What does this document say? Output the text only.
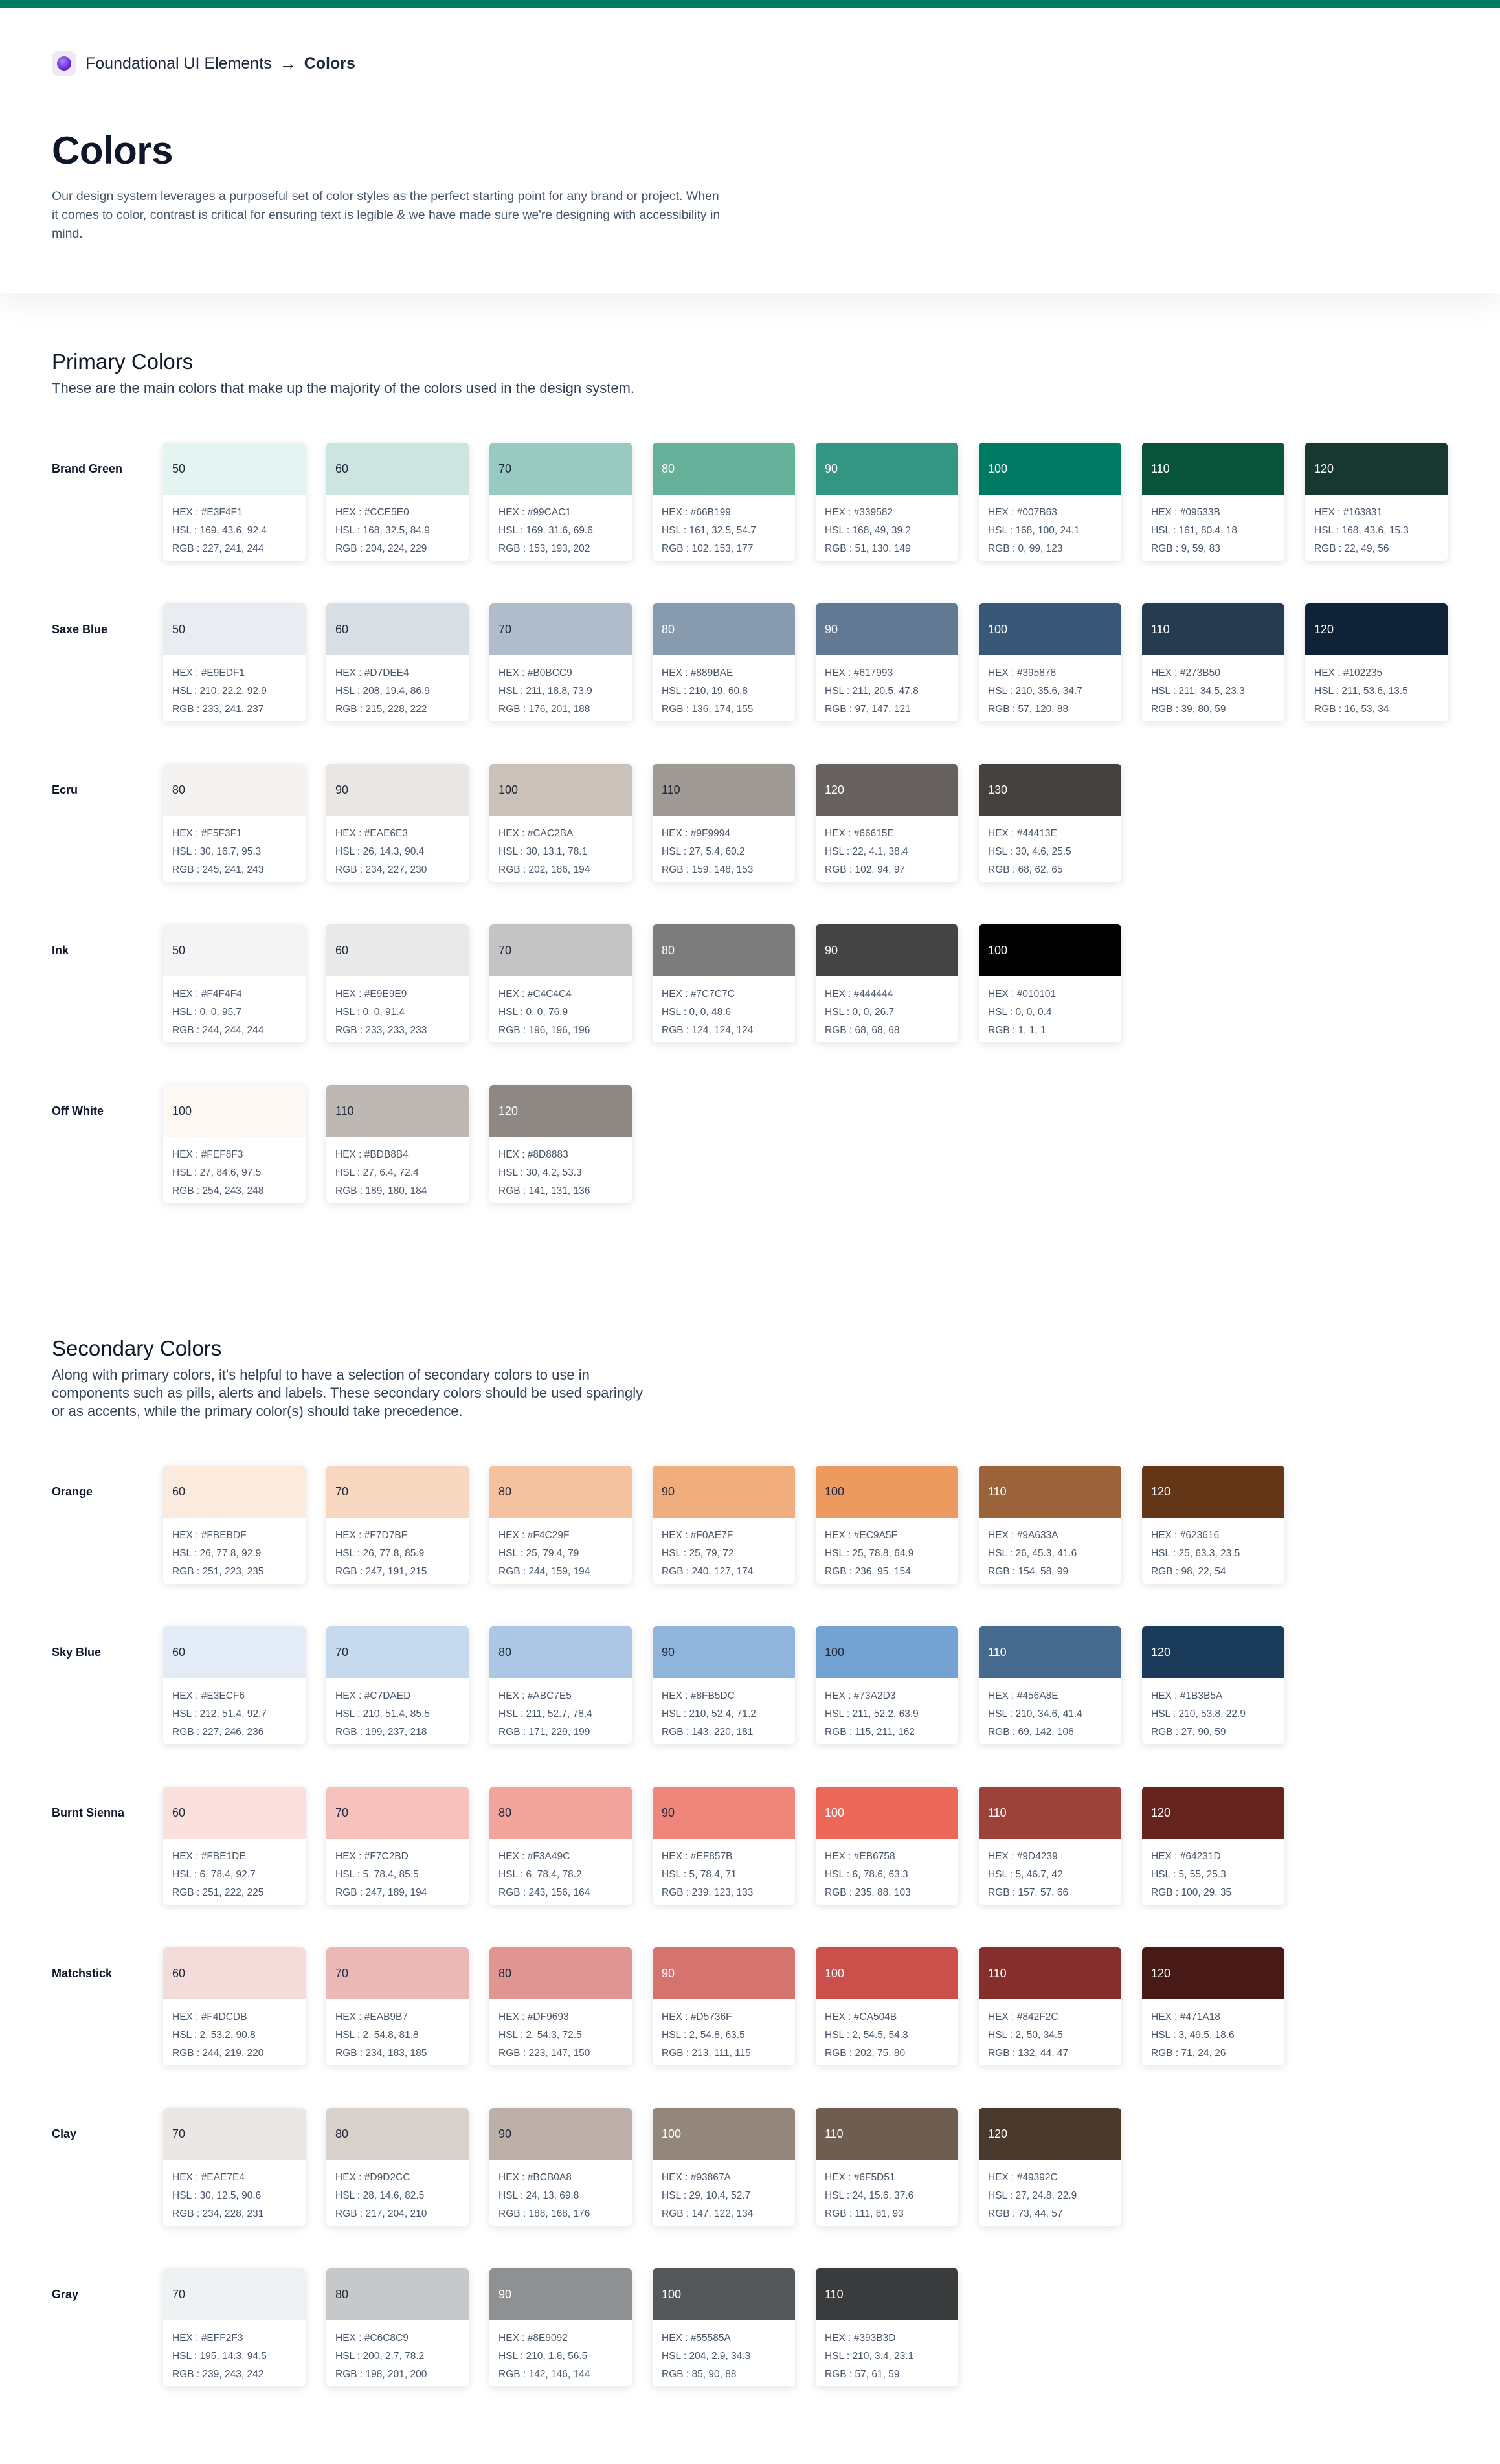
Foundational UI Elements → Colors
Colors

Our design system leverages a purposeful set of color styles as the perfect starting point for any brand or project. When it comes to color, contrast is critical for ensuring text is legible & we have made sure we're designing with accessibility in mind.

Primary Colors

These are the main colors that make up the majority of the colors used in the design system.

Brand Green	50
HEX : #E3F4F1
HSL : 169, 43.6, 92.4
RGB : 227, 241, 244
60
HEX : #CCE5E0
HSL : 168, 32.5, 84.9
RGB : 204, 224, 229
70
HEX : #99CAC1
HSL : 169, 31.6, 69.6
RGB : 153, 193, 202
80
HEX : #66B199
HSL : 161, 32.5, 54.7
RGB : 102, 153, 177
90
HEX : #339582
HSL : 168, 49, 39.2
RGB : 51, 130, 149
100
HEX : #007B63
HSL : 168, 100, 24.1
RGB : 0, 99, 123
110
HEX : #09533B
HSL : 161, 80.4, 18
RGB : 9, 59, 83
120
HEX : #163831
HSL : 168, 43.6, 15.3
RGB : 22, 49, 56
Saxe Blue	50
HEX : #E9EDF1
HSL : 210, 22.2, 92.9
RGB : 233, 241, 237
60
HEX : #D7DEE4
HSL : 208, 19.4, 86.9
RGB : 215, 228, 222
70
HEX : #B0BCC9
HSL : 211, 18.8, 73.9
RGB : 176, 201, 188
80
HEX : #889BAE
HSL : 210, 19, 60.8
RGB : 136, 174, 155
90
HEX : #617993
HSL : 211, 20.5, 47.8
RGB : 97, 147, 121
100
HEX : #395878
HSL : 210, 35.6, 34.7
RGB : 57, 120, 88
110
HEX : #273B50
HSL : 211, 34.5, 23.3
RGB : 39, 80, 59
120
HEX : #102235
HSL : 211, 53.6, 13.5
RGB : 16, 53, 34
Ecru	80
HEX : #F5F3F1
HSL : 30, 16.7, 95.3
RGB : 245, 241, 243
90
HEX : #EAE6E3
HSL : 26, 14.3, 90.4
RGB : 234, 227, 230
100
HEX : #CAC2BA
HSL : 30, 13.1, 78.1
RGB : 202, 186, 194
110
HEX : #9F9994
HSL : 27, 5.4, 60.2
RGB : 159, 148, 153
120
HEX : #66615E
HSL : 22, 4.1, 38.4
RGB : 102, 94, 97
130
HEX : #44413E
HSL : 30, 4.6, 25.5
RGB : 68, 62, 65
Ink	50
HEX : #F4F4F4
HSL : 0, 0, 95.7
RGB : 244, 244, 244
60
HEX : #E9E9E9
HSL : 0, 0, 91.4
RGB : 233, 233, 233
70
HEX : #C4C4C4
HSL : 0, 0, 76.9
RGB : 196, 196, 196
80
HEX : #7C7C7C
HSL : 0, 0, 48.6
RGB : 124, 124, 124
90
HEX : #444444
HSL : 0, 0, 26.7
RGB : 68, 68, 68
100
HEX : #010101
HSL : 0, 0, 0.4
RGB : 1, 1, 1
Off White	100
HEX : #FEF8F3
HSL : 27, 84.6, 97.5
RGB : 254, 243, 248
110
HEX : #BDB8B4
HSL : 27, 6.4, 72.4
RGB : 189, 180, 184
120
HEX : #8D8883
HSL : 30, 4.2, 53.3
RGB : 141, 131, 136
Secondary Colors

Along with primary colors, it's helpful to have a selection of secondary colors to use in components such as pills, alerts and labels. These secondary colors should be used sparingly or as accents, while the primary color(s) should take precedence.

Orange	60
HEX : #FBEBDF
HSL : 26, 77.8, 92.9
RGB : 251, 223, 235
70
HEX : #F7D7BF
HSL : 26, 77.8, 85.9
RGB : 247, 191, 215
80
HEX : #F4C29F
HSL : 25, 79.4, 79
RGB : 244, 159, 194
90
HEX : #F0AE7F
HSL : 25, 79, 72
RGB : 240, 127, 174
100
HEX : #EC9A5F
HSL : 25, 78.8, 64.9
RGB : 236, 95, 154
110
HEX : #9A633A
HSL : 26, 45.3, 41.6
RGB : 154, 58, 99
120
HEX : #623616
HSL : 25, 63.3, 23.5
RGB : 98, 22, 54
Sky Blue	60
HEX : #E3ECF6
HSL : 212, 51.4, 92.7
RGB : 227, 246, 236
70
HEX : #C7DAED
HSL : 210, 51.4, 85.5
RGB : 199, 237, 218
80
HEX : #ABC7E5
HSL : 211, 52.7, 78.4
RGB : 171, 229, 199
90
HEX : #8FB5DC
HSL : 210, 52.4, 71.2
RGB : 143, 220, 181
100
HEX : #73A2D3
HSL : 211, 52.2, 63.9
RGB : 115, 211, 162
110
HEX : #456A8E
HSL : 210, 34.6, 41.4
RGB : 69, 142, 106
120
HEX : #1B3B5A
HSL : 210, 53.8, 22.9
RGB : 27, 90, 59
Burnt Sienna	60
HEX : #FBE1DE
HSL : 6, 78.4, 92.7
RGB : 251, 222, 225
70
HEX : #F7C2BD
HSL : 5, 78.4, 85.5
RGB : 247, 189, 194
80
HEX : #F3A49C
HSL : 6, 78.4, 78.2
RGB : 243, 156, 164
90
HEX : #EF857B
HSL : 5, 78.4, 71
RGB : 239, 123, 133
100
HEX : #EB6758
HSL : 6, 78.6, 63.3
RGB : 235, 88, 103
110
HEX : #9D4239
HSL : 5, 46.7, 42
RGB : 157, 57, 66
120
HEX : #64231D
HSL : 5, 55, 25.3
RGB : 100, 29, 35
Matchstick	60
HEX : #F4DCDB
HSL : 2, 53.2, 90.8
RGB : 244, 219, 220
70
HEX : #EAB9B7
HSL : 2, 54.8, 81.8
RGB : 234, 183, 185
80
HEX : #DF9693
HSL : 2, 54.3, 72.5
RGB : 223, 147, 150
90
HEX : #D5736F
HSL : 2, 54.8, 63.5
RGB : 213, 111, 115
100
HEX : #CA504B
HSL : 2, 54.5, 54.3
RGB : 202, 75, 80
110
HEX : #842F2C
HSL : 2, 50, 34.5
RGB : 132, 44, 47
120
HEX : #471A18
HSL : 3, 49.5, 18.6
RGB : 71, 24, 26
Clay	70
HEX : #EAE7E4
HSL : 30, 12.5, 90.6
RGB : 234, 228, 231
80
HEX : #D9D2CC
HSL : 28, 14.6, 82.5
RGB : 217, 204, 210
90
HEX : #BCB0A8
HSL : 24, 13, 69.8
RGB : 188, 168, 176
100
HEX : #93867A
HSL : 29, 10.4, 52.7
RGB : 147, 122, 134
110
HEX : #6F5D51
HSL : 24, 15.6, 37.6
RGB : 111, 81, 93
120
HEX : #49392C
HSL : 27, 24.8, 22.9
RGB : 73, 44, 57
Gray	70
HEX : #EFF2F3
HSL : 195, 14.3, 94.5
RGB : 239, 243, 242
80
HEX : #C6C8C9
HSL : 200, 2.7, 78.2
RGB : 198, 201, 200
90
HEX : #8E9092
HSL : 210, 1.8, 56.5
RGB : 142, 146, 144
100
HEX : #55585A
HSL : 204, 2.9, 34.3
RGB : 85, 90, 88
110
HEX : #393B3D
HSL : 210, 3.4, 23.1
RGB : 57, 61, 59
